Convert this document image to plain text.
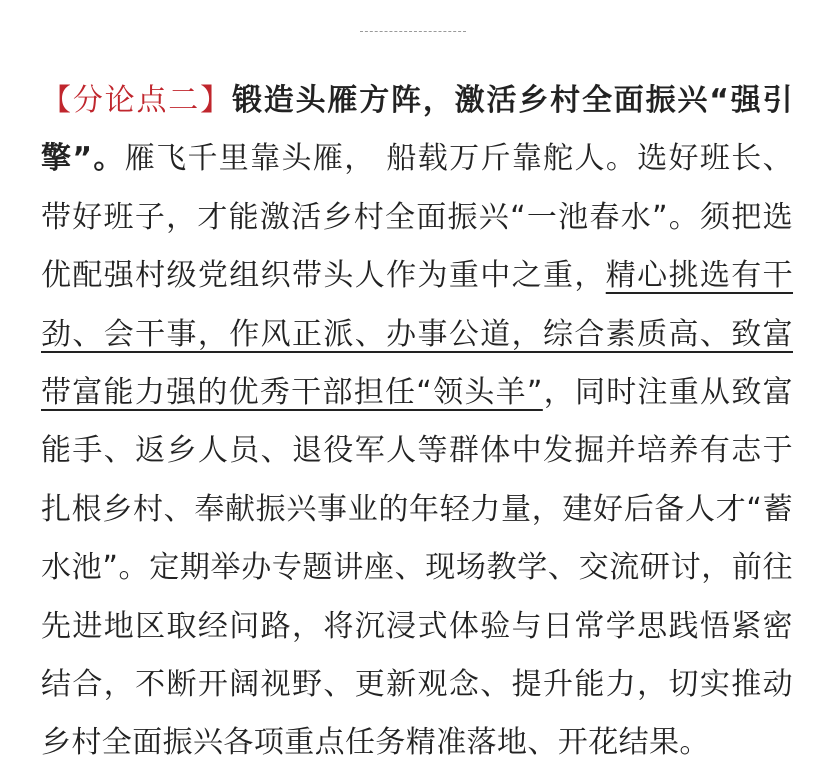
【分论点二】锻造头雁方阵，激活乡村全面振兴“强引擎”。雁飞千里靠头雁， 船载万斤靠舵人。选好班长、带好班子，才能激活乡村全面振兴“一池春水”。须把选优配强村级党组织带头人作为重中之重，精心挑选有干劲、会干事，作风正派、办事公道，综合素质高、致富带富能力强的优秀干部担任“领头羊”，同时注重从致富能手、返乡人员、退役军人等群体中发掘并培养有志于扎根乡村、奉献振兴事业的年轻力量，建好后备人才“蓄水池”。定期举办专题讲座、现场教学、交流研讨，前往先进地区取经问路，将沉浸式体验与日常学思践悟紧密结合，不断开阔视野、更新观念、提升能力，切实推动乡村全面振兴各项重点任务精准落地、开花结果。
